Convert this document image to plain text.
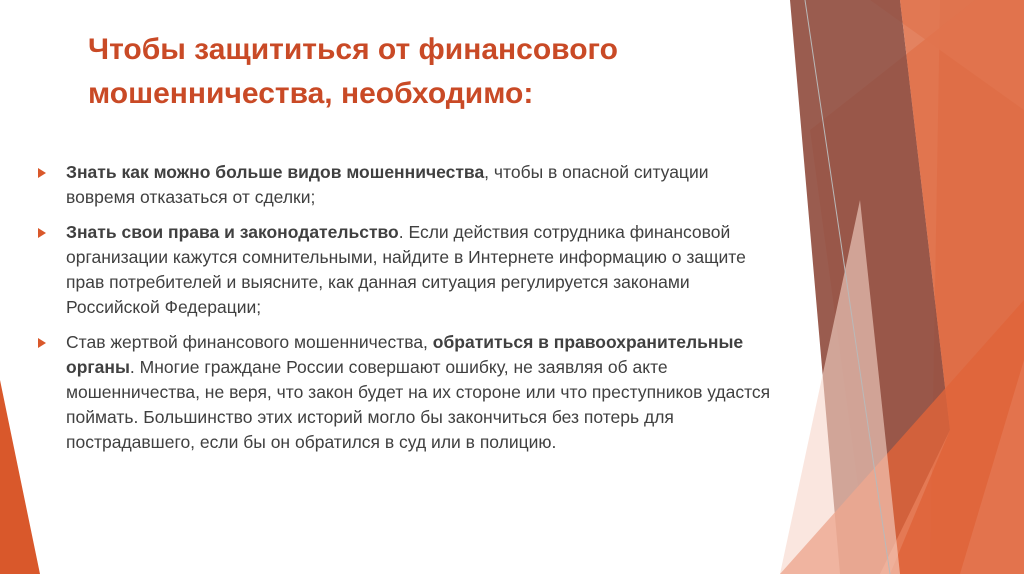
Чтобы защититься от финансового мошенничества, необходимо:

Знать как можно больше видов мошенничества, чтобы в опасной ситуации вовремя отказаться от сделки;

Знать свои права и законодательство. Если действия сотрудника финансовой организации кажутся сомнительными, найдите в Интернете информацию о защите прав потребителей и выясните, как данная ситуация регулируется законами Российской Федерации;

Став жертвой финансового мошенничества, обратиться в правоохранительные органы. Многие граждане России совершают ошибку, не заявляя об акте мошенничества, не веря, что закон будет на их стороне или что преступников удастся поймать. Большинство этих историй могло бы закончиться без потерь для пострадавшего, если бы он обратился в суд или в полицию.
